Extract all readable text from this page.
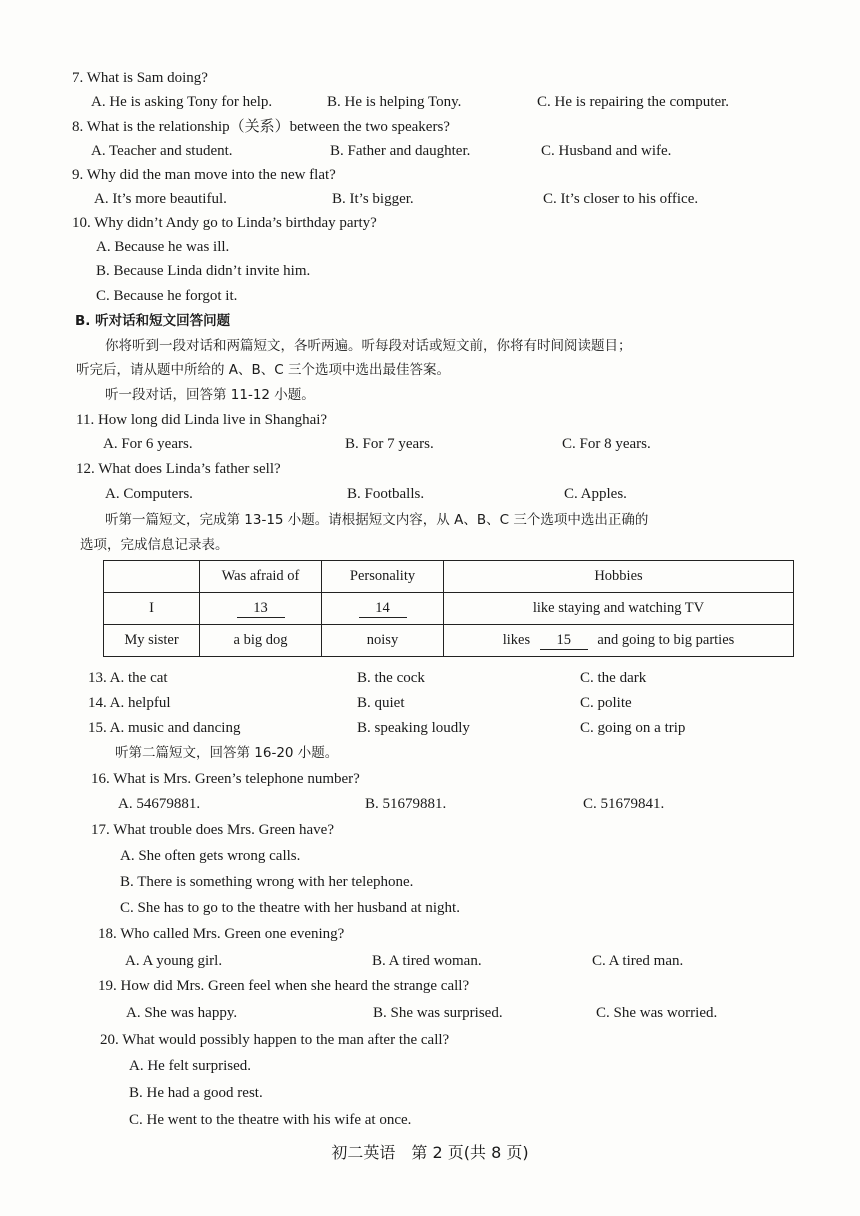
7. What is Sam doing?
A. He is asking Tony for help.	B. He is helping Tony.	C. He is repairing the computer.
8. What is the relationship（关系）between the two speakers?
A. Teacher and student.	B. Father and daughter.	C. Husband and wife.
9. Why did the man move into the new flat?
A. It’s more beautiful.	B. It’s bigger.	C. It’s closer to his office.
10. Why didn’t Andy go to Linda’s birthday party?
A. Because he was ill.
B. Because Linda didn’t invite him.
C. Because he forgot it.
B. 听对话和短文回答问题
你将听到一段对话和两篇短文，各听两遍。听每段对话或短文前，你将有时间阅读题目；
听完后，请从题中所给的 A、B、C 三个选项中选出最佳答案。
听一段对话，回答第 11-12 小题。
11. How long did Linda live in Shanghai?
A. For 6 years.	B. For 7 years.	C. For 8 years.
12. What does Linda’s father sell?
A. Computers.	B. Footballs.	C. Apples.
听第一篇短文，完成第 13-15 小题。请根据短文内容，从 A、B、C 三个选项中选出正确的
选项，完成信息记录表。
	Was afraid of	Personality	Hobbies
I	13	14	like staying and watching TV
My sister	a big dog	noisy	likes 15 and going to big parties
13. A. the cat	B. the cock	C. the dark
14. A. helpful	B. quiet	C. polite
15. A. music and dancing	B. speaking loudly	C. going on a trip
听第二篇短文，回答第 16-20 小题。
16. What is Mrs. Green’s telephone number?
A. 54679881.	B. 51679881.	C. 51679841.
17. What trouble does Mrs. Green have?
A. She often gets wrong calls.
B. There is something wrong with her telephone.
C. She has to go to the theatre with her husband at night.
18. Who called Mrs. Green one evening?
A. A young girl.	B. A tired woman.	C. A tired man.
19. How did Mrs. Green feel when she heard the strange call?
A. She was happy.	B. She was surprised.	C. She was worried.
20. What would possibly happen to the man after the call?
A. He felt surprised.
B. He had a good rest.
C. He went to the theatre with his wife at once.
初二英语　第 2 页(共 8 页)
